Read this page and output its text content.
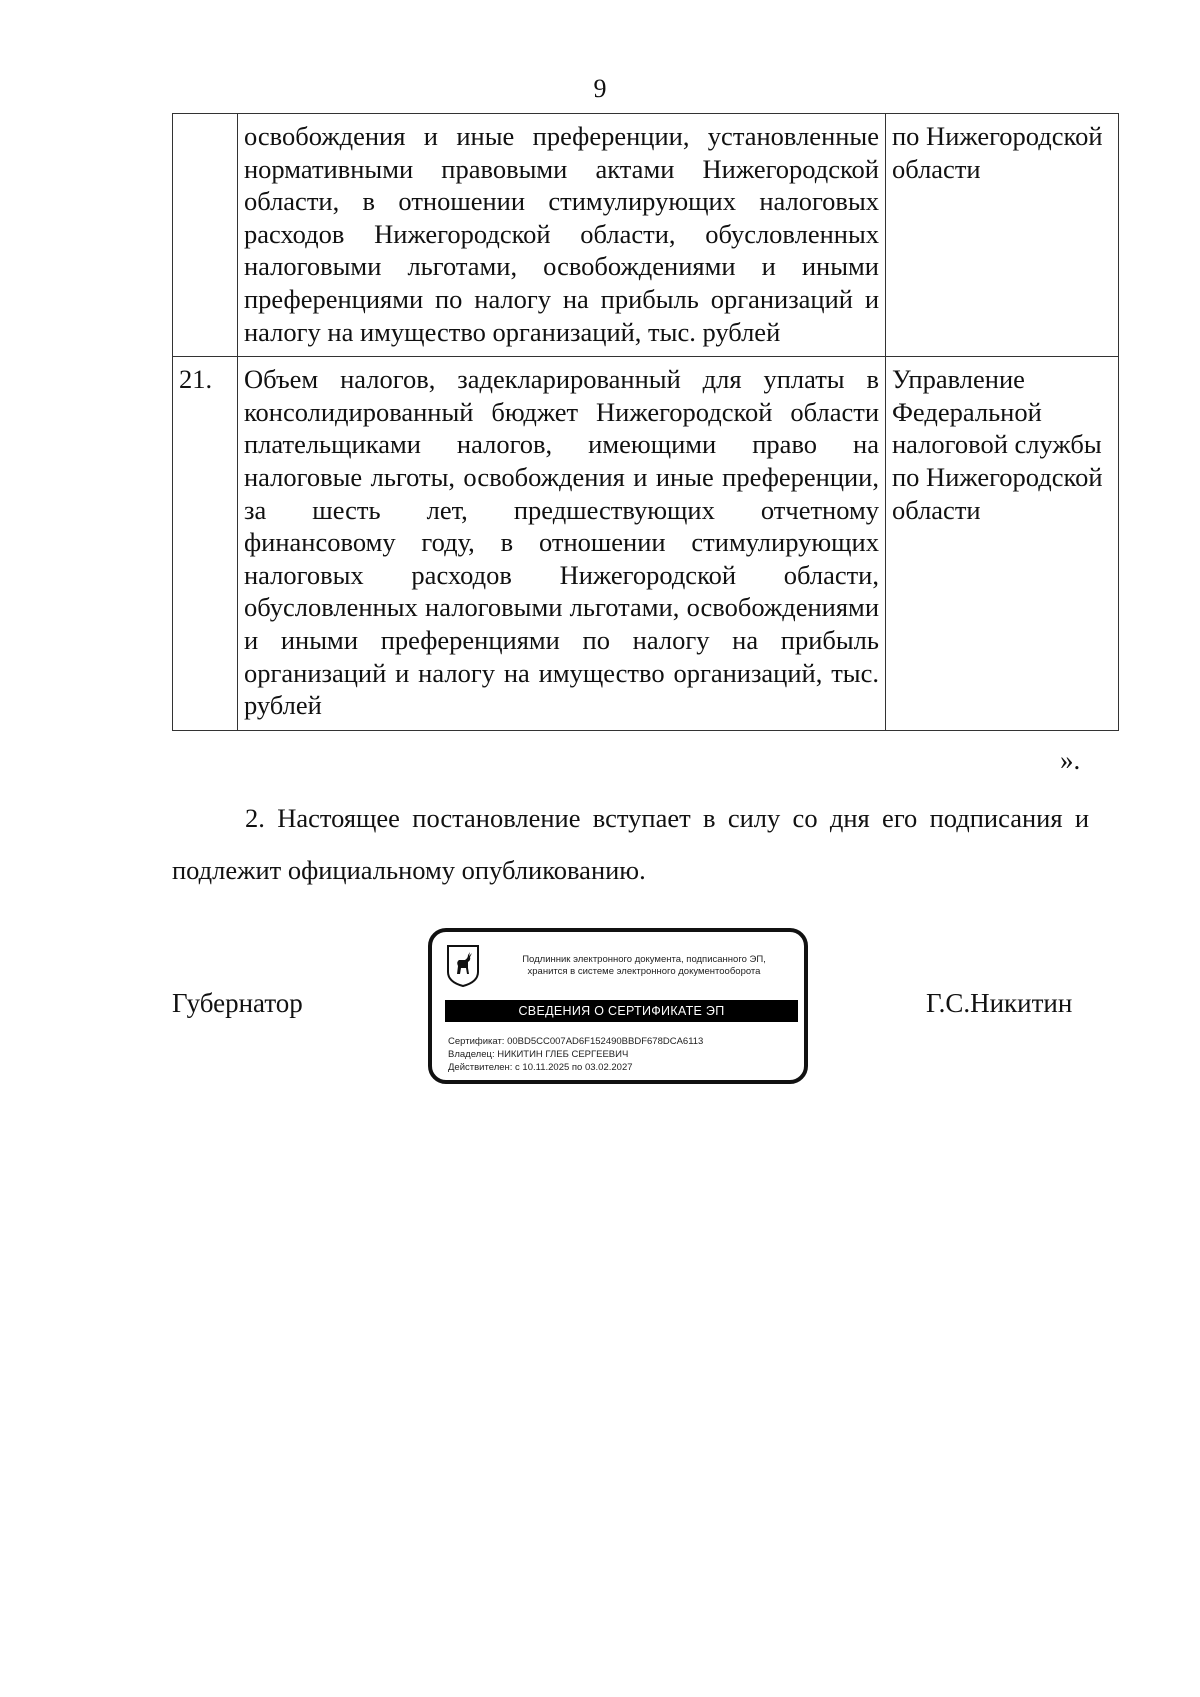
9
	освобождения и иные преференции, установленные нормативными правовыми актами Нижегородской области, в отношении стимулирующих налоговых расходов Нижегородской области, обусловленных налоговыми льготами, освобождениями и иными преференциями по налогу на прибыль организаций и налогу на имущество организаций, тыс. рублей	по Нижегородской области
21.	Объем налогов, задекларированный для уплаты в консолидированный бюджет Нижегородской области плательщиками налогов, имеющими право на налоговые льготы, освобождения и иные преференции, за шесть лет, предшествующих отчетному финансовому году, в отношении стимулирующих налоговых расходов Нижегородской области, обусловленных налоговыми льготами, освобождениями и иными преференциями по налогу на прибыль организаций и налогу на имущество организаций, тыс. рублей	Управление Федеральной налоговой службы по Нижегородской области
».
2. Настоящее постановление вступает в силу со дня его подписания и подлежит официальному опубликованию.
Губернатор
Подлинник электронного документа, подписанного ЭП,
хранится в системе электронного документооборота
СВЕДЕНИЯ О СЕРТИФИКАТЕ ЭП
Сертификат: 00BD5CC007AD6F152490BBDF678DCA6113
Владелец: НИКИТИН ГЛЕБ СЕРГЕЕВИЧ
Действителен: с 10.11.2025 по 03.02.2027
Г.С.Никитин
